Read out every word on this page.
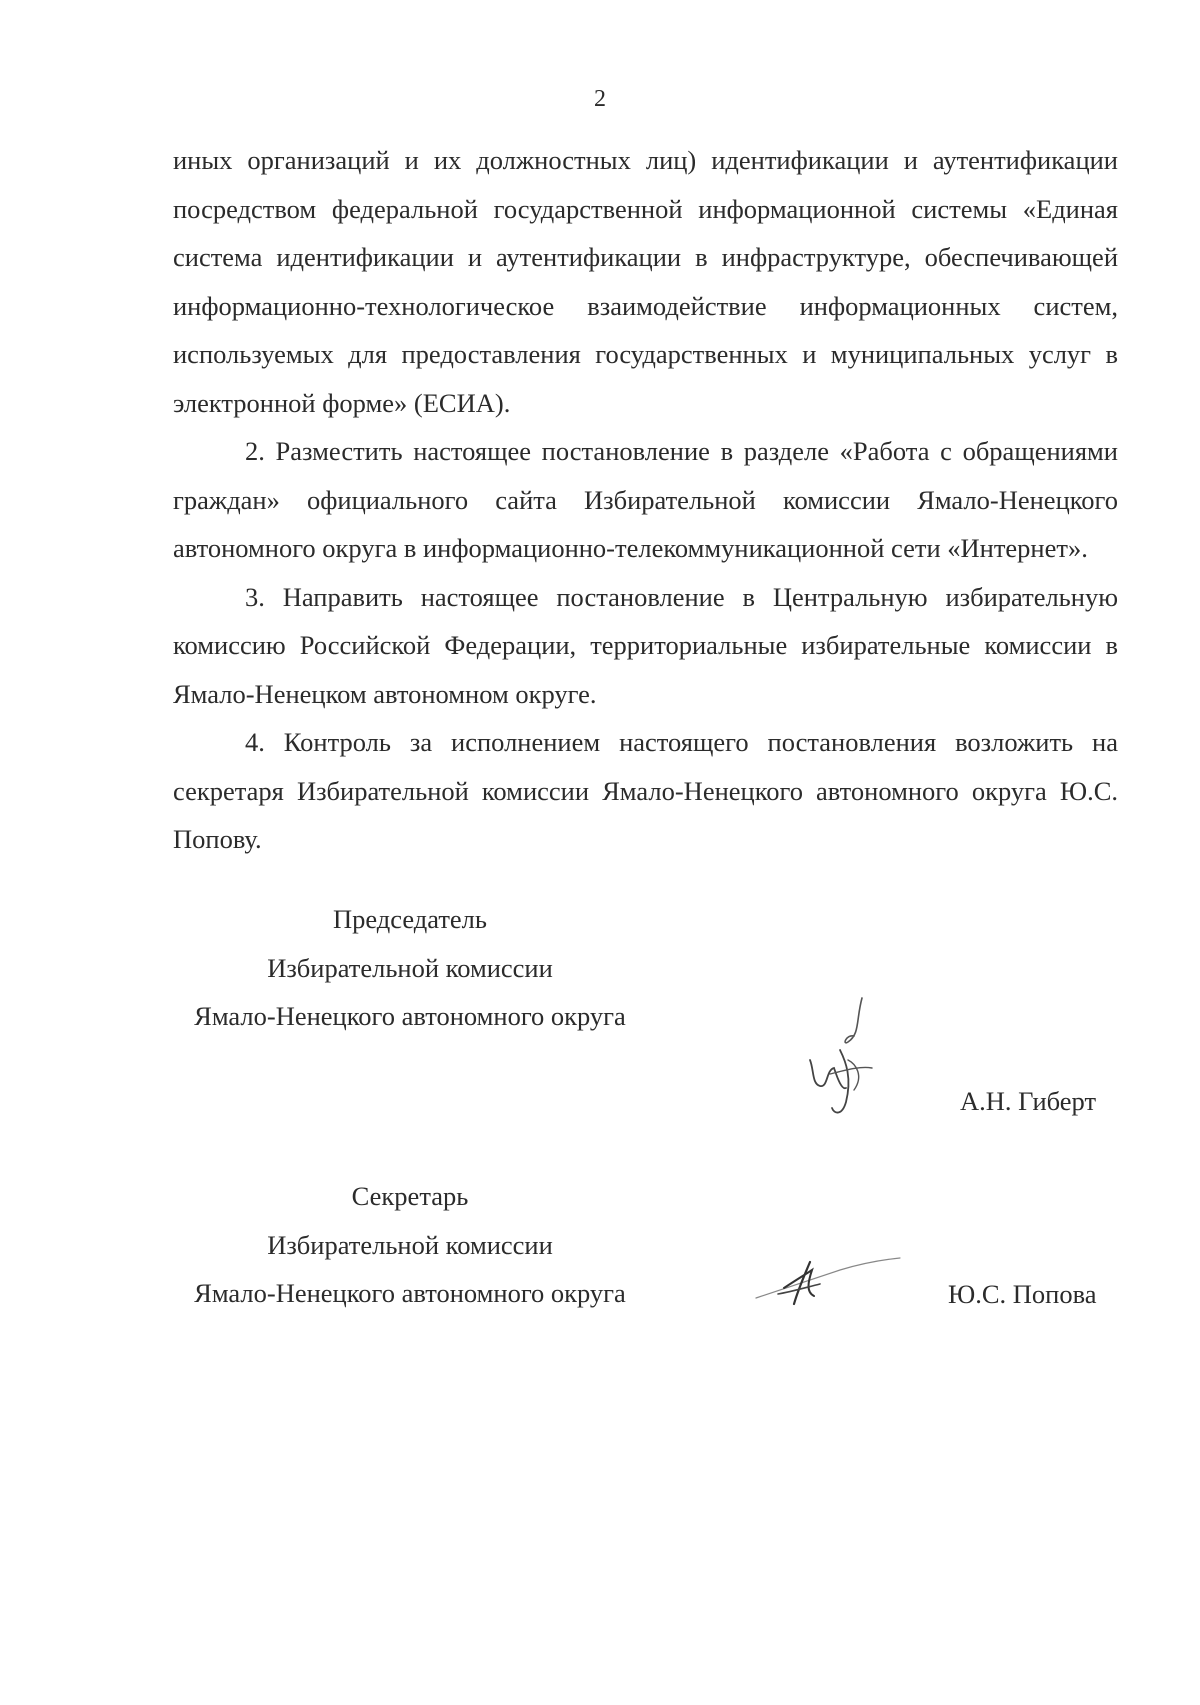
2

иных организаций и их должностных лиц) идентификации и аутентификации посредством федеральной государственной информационной системы «Единая система идентификации и аутентификации в инфраструктуре, обеспечивающей информационно-технологическое взаимодействие информационных систем, используемых для предоставления государственных и муниципальных услуг в электронной форме» (ЕСИА).

2. Разместить настоящее постановление в разделе «Работа с обращениями граждан» официального сайта Избирательной комиссии Ямало-Ненецкого автономного округа в информационно-телекоммуникационной сети «Интернет».

3. Направить настоящее постановление в Центральную избирательную комиссию Российской Федерации, территориальные избирательные комиссии в Ямало-Ненецком автономном округе.

4. Контроль за исполнением настоящего постановления возложить на секретаря Избирательной комиссии Ямало-Ненецкого автономного округа Ю.С. Попову.

Председатель
Избирательной комиссии
Ямало-Ненецкого автономного округа
А.Н. Гиберт
Секретарь
Избирательной комиссии
Ямало-Ненецкого автономного округа	Ю.С. Попова
